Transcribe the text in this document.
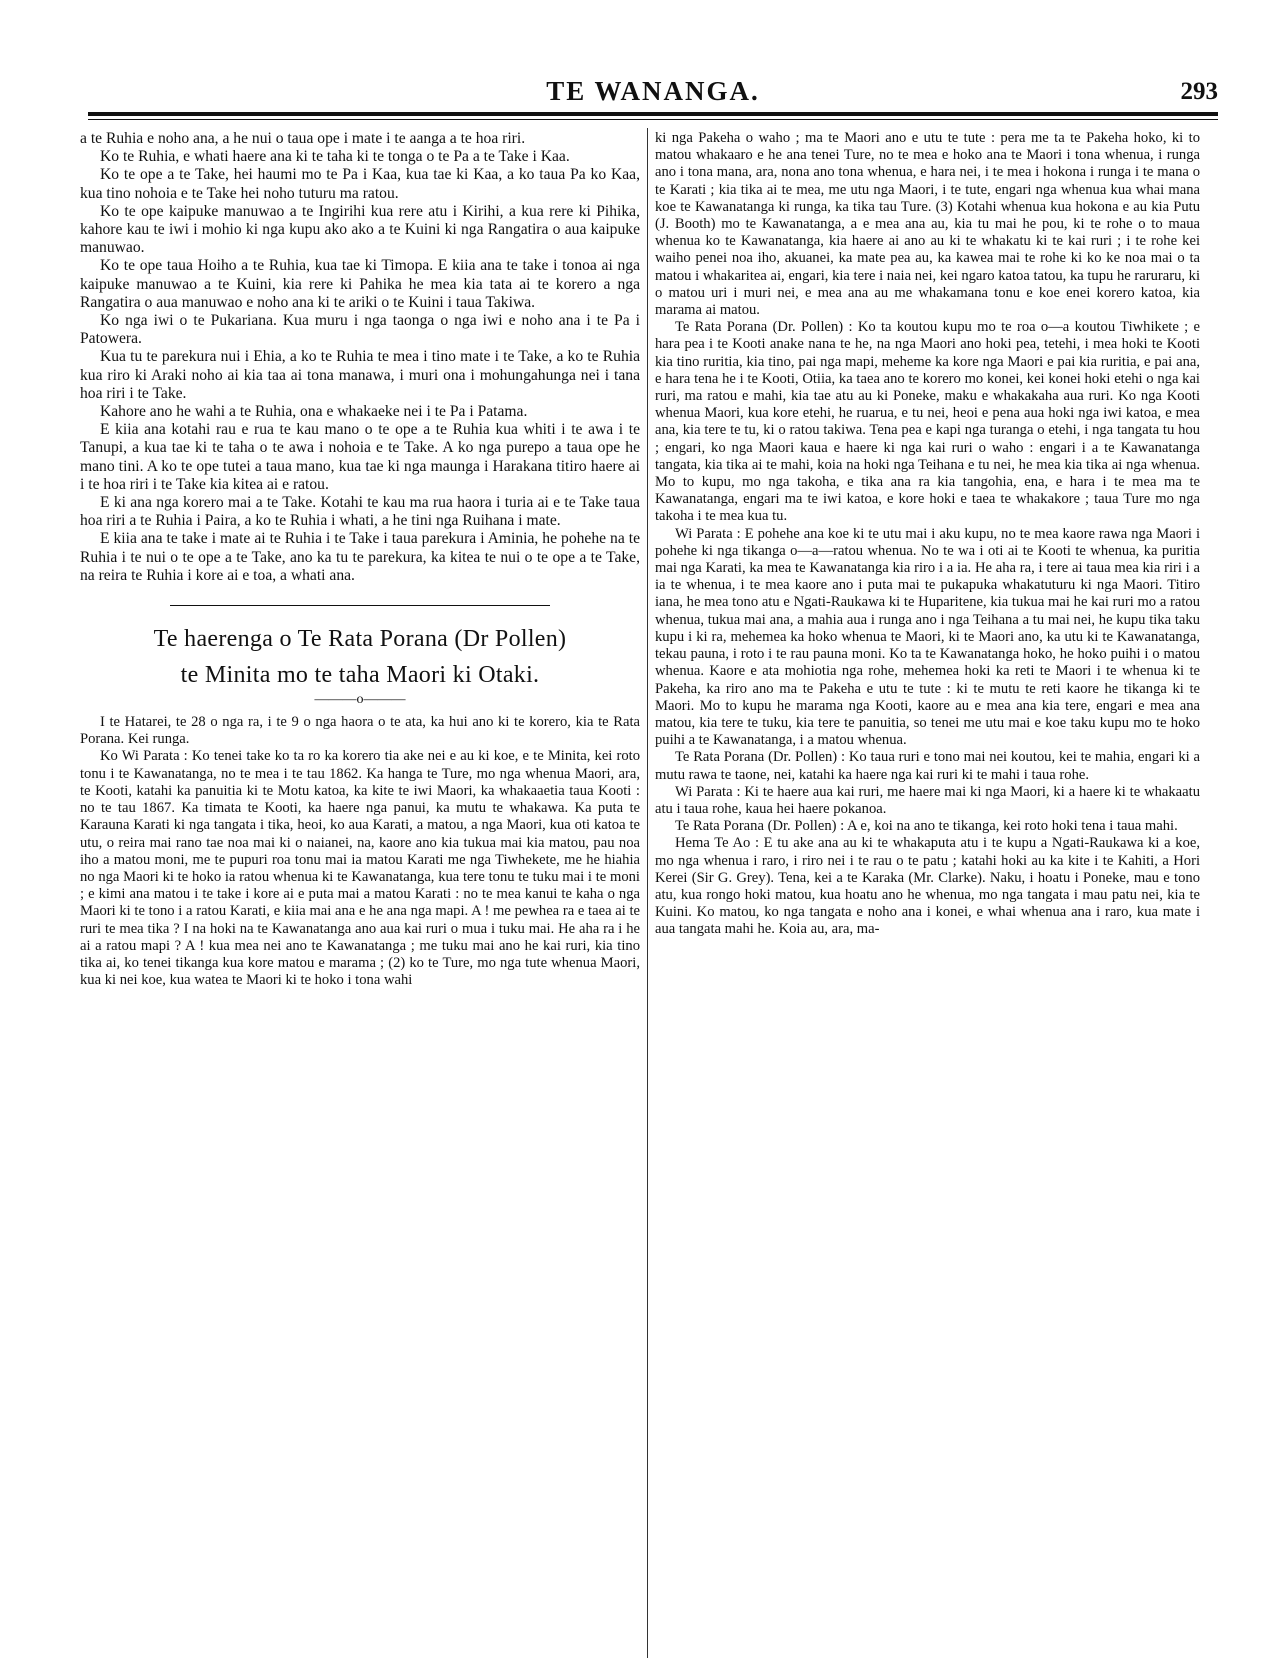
TE WANANGA.	293

a te Ruhia e noho ana, a he nui o taua ope i mate i te aanga a te hoa riri.

Ko te Ruhia, e whati haere ana ki te taha ki te tonga o te Pa a te Take i Kaa.

Ko te ope a te Take, hei haumi mo te Pa i Kaa, kua tae ki Kaa, a ko taua Pa ko Kaa, kua tino nohoia e te Take hei noho tuturu ma ratou.

Ko te ope kaipuke manuwao a te Ingirihi kua rere atu i Kirihi, a kua rere ki Pihika, kahore kau te iwi i mohio ki nga kupu ako ako a te Kuini ki nga Rangatira o aua kaipuke manuwao.

Ko te ope taua Hoiho a te Ruhia, kua tae ki Timopa. E kiia ana te take i tonoa ai nga kaipuke manuwao a te Kuini, kia rere ki Pahika he mea kia tata ai te korero a nga Rangatira o aua manuwao e noho ana ki te ariki o te Kuini i taua Takiwa.

Ko nga iwi o te Pukariana. Kua muru i nga taonga o nga iwi e noho ana i te Pa i Patowera.

Kua tu te parekura nui i Ehia, a ko te Ruhia te mea i tino mate i te Take, a ko te Ruhia kua riro ki Araki noho ai kia taa ai tona manawa, i muri ona i mohungahunga nei i tana hoa riri i te Take.

Kahore ano he wahi a te Ruhia, ona e whakaeke nei i te Pa i Patama.

E kiia ana kotahi rau e rua te kau mano o te ope a te Ruhia kua whiti i te awa i te Tanupi, a kua tae ki te taha o te awa i nohoia e te Take. A ko nga purepo a taua ope he mano tini. A ko te ope tutei a taua mano, kua tae ki nga maunga i Harakana titiro haere ai i te hoa riri i te Take kia kitea ai e ratou.

E ki ana nga korero mai a te Take. Kotahi te kau ma rua haora i turia ai e te Take taua hoa riri a te Ruhia i Paira, a ko te Ruhia i whati, a he tini nga Ruihana i mate.

E kiia ana te take i mate ai te Ruhia i te Take i taua parekura i Aminia, he pohehe na te Ruhia i te nui o te ope a te Take, ano ka tu te parekura, ka kitea te nui o te ope a te Take, na reira te Ruhia i kore ai e toa, a whati ana.

Te haerenga o Te Rata Porana (Dr Pollen)
te Minita mo te taha Maori ki Otaki.
———o———

I te Hatarei, te 28 o nga ra, i te 9 o nga haora o te ata, ka hui ano ki te korero, kia te Rata Porana. Kei runga.

Ko Wi Parata : Ko tenei take ko ta ro ka korero tia ake nei e au ki koe, e te Minita, kei roto tonu i te Kawanatanga, no te mea i te tau 1862. Ka hanga te Ture, mo nga whenua Maori, ara, te Kooti, katahi ka panuitia ki te Motu katoa, ka kite te iwi Maori, ka whakaaetia taua Kooti : no te tau 1867. Ka timata te Kooti, ka haere nga panui, ka mutu te whakawa. Ka puta te Karauna Karati ki nga tangata i tika, heoi, ko aua Karati, a matou, a nga Maori, kua oti katoa te utu, o reira mai rano tae noa mai ki o naianei, na, kaore ano kia tukua mai kia matou, pau noa iho a matou moni, me te pupuri roa tonu mai ia matou Karati me nga Tiwhekete, me he hiahia no nga Maori ki te hoko ia ratou whenua ki te Kawanatanga, kua tere tonu te tuku mai i te moni ; e kimi ana matou i te take i kore ai e puta mai a matou Karati : no te mea kanui te kaha o nga Maori ki te tono i a ratou Karati, e kiia mai ana e he ana nga mapi. A ! me pewhea ra e taea ai te ruri te mea tika ? I na hoki na te Kawanatanga ano aua kai ruri o mua i tuku mai. He aha ra i he ai a ratou mapi ? A ! kua mea nei ano te Kawanatanga ; me tuku mai ano he kai ruri, kia tino tika ai, ko tenei tikanga kua kore matou e marama ; (2) ko te Ture, mo nga tute whenua Maori, kua ki nei koe, kua watea te Maori ki te hoko i tona wahi

ki nga Pakeha o waho ; ma te Maori ano e utu te tute : pera me ta te Pakeha hoko, ki to matou whakaaro e he ana tenei Ture, no te mea e hoko ana te Maori i tona whenua, i runga ano i tona mana, ara, nona ano tona whenua, e hara nei, i te mea i hokona i runga i te mana o te Karati ; kia tika ai te mea, me utu nga Maori, i te tute, engari nga whenua kua whai mana koe te Kawanatanga ki runga, ka tika tau Ture. (3) Kotahi whenua kua hokona e au kia Putu (J. Booth) mo te Kawanatanga, a e mea ana au, kia tu mai he pou, ki te rohe o to maua whenua ko te Kawanatanga, kia haere ai ano au ki te whakatu ki te kai ruri ; i te rohe kei waiho penei noa iho, akuanei, ka mate pea au, ka kawea mai te rohe ki ko ke noa mai o ta matou i whakaritea ai, engari, kia tere i naia nei, kei ngaro katoa tatou, ka tupu he raruraru, ki o matou uri i muri nei, e mea ana au me whakamana tonu e koe enei korero katoa, kia marama ai matou.

Te Rata Porana (Dr. Pollen) : Ko ta koutou kupu mo te roa o—a koutou Tiwhikete ; e hara pea i te Kooti anake nana te he, na nga Maori ano hoki pea, tetehi, i mea hoki te Kooti kia tino ruritia, kia tino, pai nga mapi, meheme ka kore nga Maori e pai kia ruritia, e pai ana, e hara tena he i te Kooti, Otiia, ka taea ano te korero mo konei, kei konei hoki etehi o nga kai ruri, ma ratou e mahi, kia tae atu au ki Poneke, maku e whakakaha aua ruri. Ko nga Kooti whenua Maori, kua kore etehi, he ruarua, e tu nei, heoi e pena aua hoki nga iwi katoa, e mea ana, kia tere te tu, ki o ratou takiwa. Tena pea e kapi nga turanga o etehi, i nga tangata tu hou ; engari, ko nga Maori kaua e haere ki nga kai ruri o waho : engari i a te Kawanatanga tangata, kia tika ai te mahi, koia na hoki nga Teihana e tu nei, he mea kia tika ai nga whenua. Mo to kupu, mo nga takoha, e tika ana ra kia tangohia, ena, e hara i te mea ma te Kawanatanga, engari ma te iwi katoa, e kore hoki e taea te whakakore ; taua Ture mo nga takoha i te mea kua tu.

Wi Parata : E pohehe ana koe ki te utu mai i aku kupu, no te mea kaore rawa nga Maori i pohehe ki nga tikanga o—a—ratou whenua. No te wa i oti ai te Kooti te whenua, ka puritia mai nga Karati, ka mea te Kawanatanga kia riro i a ia. He aha ra, i tere ai taua mea kia riri i a ia te whenua, i te mea kaore ano i puta mai te pukapuka whakatuturu ki nga Maori. Titiro iana, he mea tono atu e Ngati-Raukawa ki te Huparitene, kia tukua mai he kai ruri mo a ratou whenua, tukua mai ana, a mahia aua i runga ano i nga Teihana a tu mai nei, he kupu tika taku kupu i ki ra, mehemea ka hoko whenua te Maori, ki te Maori ano, ka utu ki te Kawanatanga, tekau pauna, i roto i te rau pauna moni. Ko ta te Kawanatanga hoko, he hoko puihi i o matou whenua. Kaore e ata mohiotia nga rohe, mehemea hoki ka reti te Maori i te whenua ki te Pakeha, ka riro ano ma te Pakeha e utu te tute : ki te mutu te reti kaore he tikanga ki te Maori. Mo to kupu he marama nga Kooti, kaore au e mea ana kia tere, engari e mea ana matou, kia tere te tuku, kia tere te panuitia, so tenei me utu mai e koe taku kupu mo te hoko puihi a te Kawanatanga, i a matou whenua.

Te Rata Porana (Dr. Pollen) : Ko taua ruri e tono mai nei koutou, kei te mahia, engari ki a mutu rawa te taone, nei, katahi ka haere nga kai ruri ki te mahi i taua rohe.

Wi Parata : Ki te haere aua kai ruri, me haere mai ki nga Maori, ki a haere ki te whakaatu atu i taua rohe, kaua hei haere pokanoa.

Te Rata Porana (Dr. Pollen) : A e, koi na ano te tikanga, kei roto hoki tena i taua mahi.

Hema Te Ao : E tu ake ana au ki te whakaputa atu i te kupu a Ngati-Raukawa ki a koe, mo nga whenua i raro, i riro nei i te rau o te patu ; katahi hoki au ka kite i te Kahiti, a Hori Kerei (Sir G. Grey). Tena, kei a te Karaka (Mr. Clarke). Naku, i hoatu i Poneke, mau e tono atu, kua rongo hoki matou, kua hoatu ano he whenua, mo nga tangata i mau patu nei, kia te Kuini. Ko matou, ko nga tangata e noho ana i konei, e whai whenua ana i raro, kua mate i aua tangata mahi he. Koia au, ara, ma-
